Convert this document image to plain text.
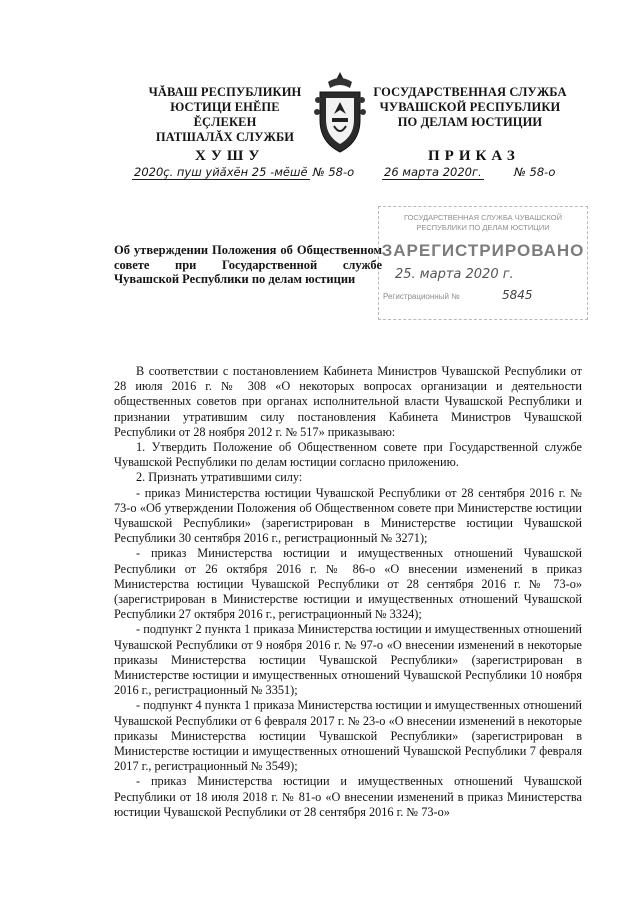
ЧĂВАШ РЕСПУБЛИКИН
ЮСТИЦИ ЕНĔПЕ ĔÇЛЕКЕН
ПАТШАЛĂХ СЛУЖБИ
ГОСУДАРСТВЕННАЯ СЛУЖБА
ЧУВАШСКОЙ РЕСПУБЛИКИ
ПО ДЕЛАМ ЮСТИЦИИ
ХУШУ	ПРИКАЗ
2020ç. пуш уйăхĕн 25 -мĕшĕ № 58-о	26 марта 2020г.	№ 58-о
ГОСУДАРСТВЕННАЯ СЛУЖБА ЧУВАШСКОЙ РЕСПУБЛИКИ ПО ДЕЛАМ ЮСТИЦИИ
ЗАРЕГИСТРИРОВАНО
25. марта 2020 г.
Регистрационный №	5845
Об утверждении Положения об Общественном совете при Государственной службе Чувашской Республики по делам юстиции

В соответствии с постановлением Кабинета Министров Чувашской Республики от 28 июля 2016 г. № 308 «О некоторых вопросах организации и деятельности общественных советов при органах исполнительной власти Чувашской Республики и признании утратившим силу постановления Кабинета Министров Чувашской Республики от 28 ноября 2012 г. № 517» приказываю:

1. Утвердить Положение об Общественном совете при Государственной службе Чувашской Республики по делам юстиции согласно приложению.

2. Признать утратившими силу:

- приказ Министерства юстиции Чувашской Республики от 28 сентября 2016 г. № 73-о «Об утверждении Положения об Общественном совете при Министерстве юстиции Чувашской Республики» (зарегистрирован в Министерстве юстиции Чувашской Республики 30 сентября 2016 г., регистрационный № 3271);

- приказ Министерства юстиции и имущественных отношений Чувашской Республики от 26 октября 2016 г. № 86-о «О внесении изменений в приказ Министерства юстиции Чувашской Республики от 28 сентября 2016 г. № 73-о» (зарегистрирован в Министерстве юстиции и имущественных отношений Чувашской Республики 27 октября 2016 г., регистрационный № 3324);

- подпункт 2 пункта 1 приказа Министерства юстиции и имущественных отношений Чувашской Республики от 9 ноября 2016 г. № 97-о «О внесении изменений в некоторые приказы Министерства юстиции Чувашской Республики» (зарегистрирован в Министерстве юстиции и имущественных отношений Чувашской Республики 10 ноября 2016 г., регистрационный № 3351);

- подпункт 4 пункта 1 приказа Министерства юстиции и имущественных отношений Чувашской Республики от 6 февраля 2017 г. № 23-о «О внесении изменений в некоторые приказы Министерства юстиции Чувашской Республики» (зарегистрирован в Министерстве юстиции и имущественных отношений Чувашской Республики 7 февраля 2017 г., регистрационный № 3549);

- приказ Министерства юстиции и имущественных отношений Чувашской Республики от 18 июля 2018 г. № 81-о «О внесении изменений в приказ Министерства юстиции Чувашской Республики от 28 сентября 2016 г. № 73-о»
